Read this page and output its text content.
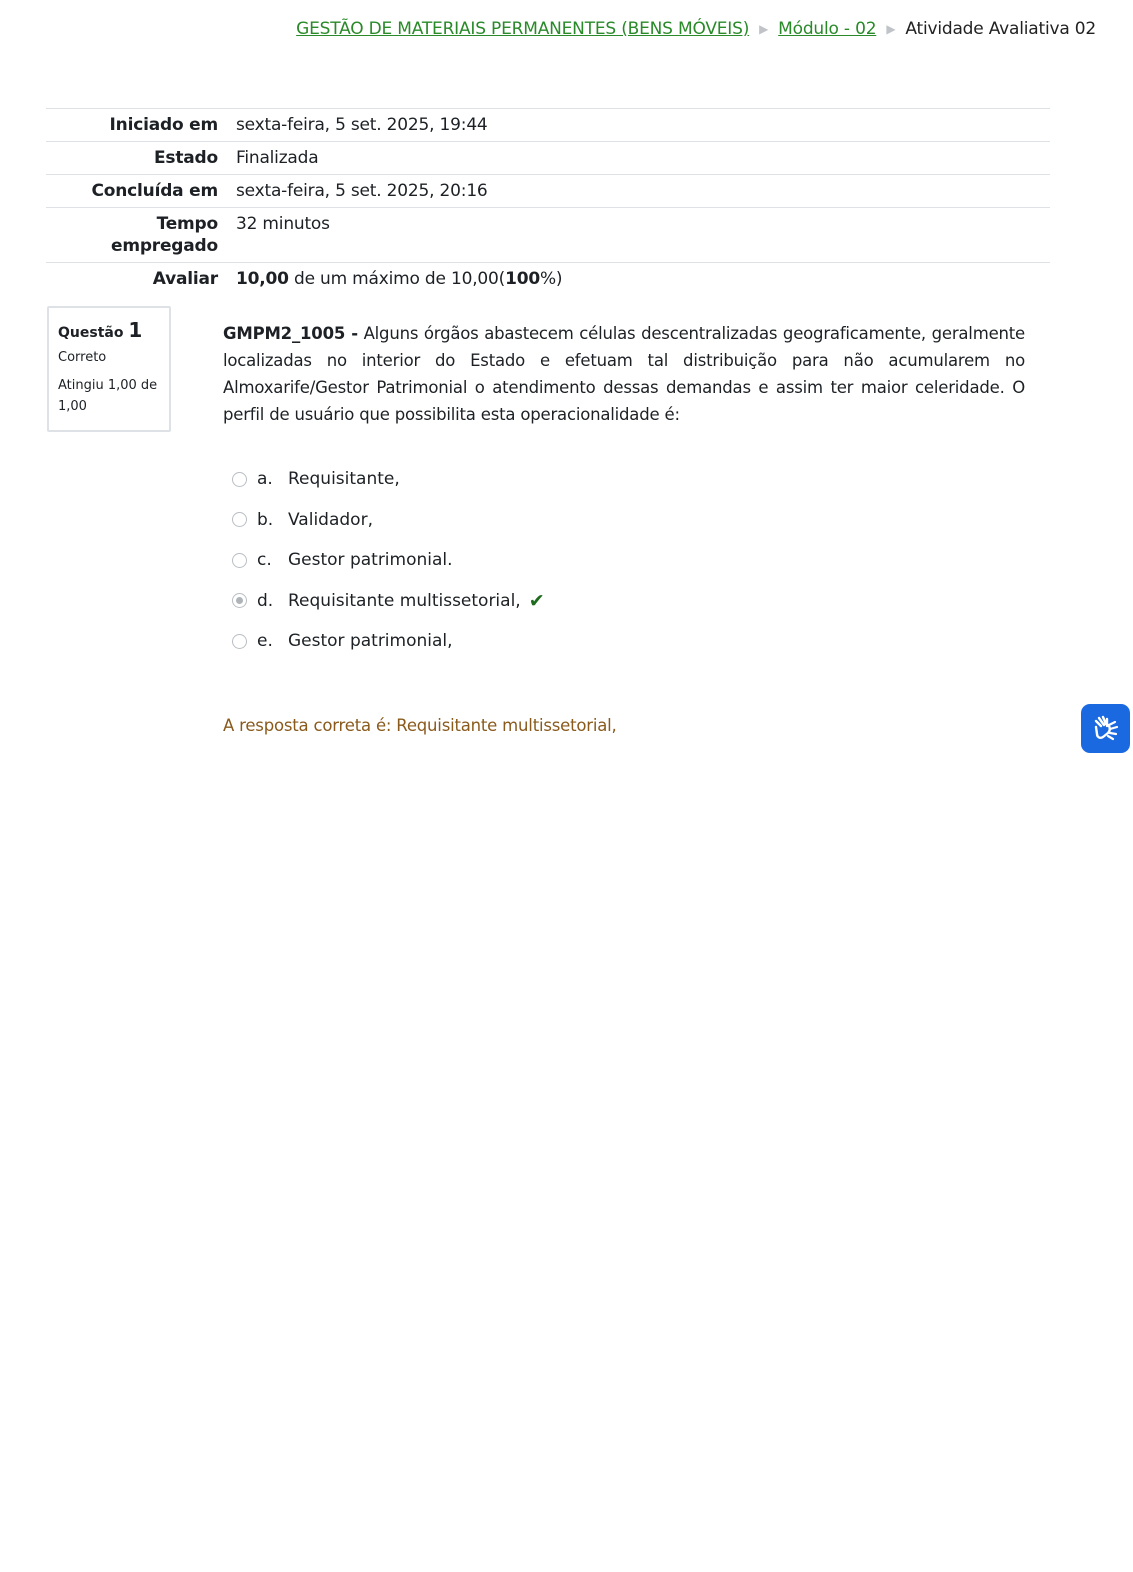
GESTÃO DE MATERIAIS PERMANENTES (BENS MÓVEIS) ▶ Módulo - 02 ▶ Atividade Avaliativa 02
Iniciado em	sexta-feira, 5 set. 2025, 19:44
Estado	Finalizada
Concluída em	sexta-feira, 5 set. 2025, 20:16
Tempo
empregado	32 minutos
Avaliar	10,00 de um máximo de 10,00(100%)
Questão 1
Correto
Atingiu 1,00 de 1,00
GMPM2_1005 - Alguns órgãos abastecem células descentralizadas geograficamente, geralmente localizadas no interior do Estado e efetuam tal distribuição para não acumularem no Almoxarife/Gestor Patrimonial o atendimento dessas demandas e assim ter maior celeridade. O perfil de usuário que possibilita esta operacionalidade é:
a. Requisitante,
b. Validador,
c. Gestor patrimonial.
d. Requisitante multissetorial, ✔
e. Gestor patrimonial,
A resposta correta é: Requisitante multissetorial,
